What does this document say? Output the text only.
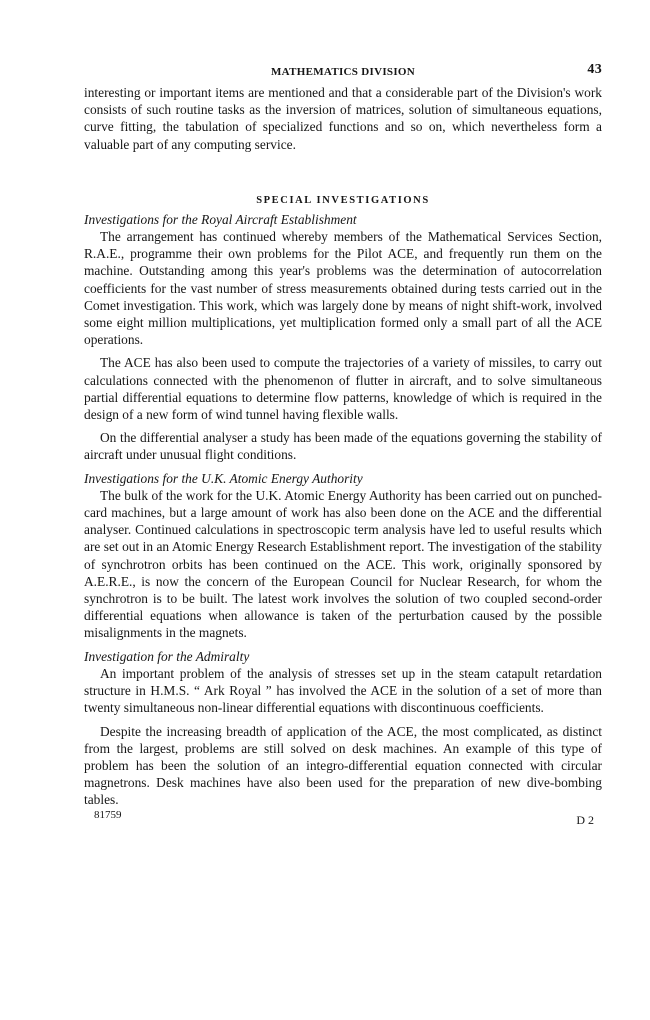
MATHEMATICS DIVISION	43

interesting or important items are mentioned and that a considerable part of the Division's work consists of such routine tasks as the inversion of matrices, solution of simultaneous equations, curve fitting, the tabulation of specialized functions and so on, which nevertheless form a valuable part of any computing service.

SPECIAL INVESTIGATIONS
Investigations for the Royal Aircraft Establishment

The arrangement has continued whereby members of the Mathematical Services Section, R.A.E., programme their own problems for the Pilot ACE, and frequently run them on the machine. Outstanding among this year's problems was the determination of autocorrelation coefficients for the vast number of stress measurements obtained during tests carried out in the Comet investigation. This work, which was largely done by means of night shift-work, involved some eight million multiplications, yet multiplication formed only a small part of all the ACE operations.

The ACE has also been used to compute the trajectories of a variety of missiles, to carry out calculations connected with the phenomenon of flutter in aircraft, and to solve simultaneous partial differential equations to determine flow patterns, knowledge of which is required in the design of a new form of wind tunnel having flexible walls.

On the differential analyser a study has been made of the equations governing the stability of aircraft under unusual flight conditions.

Investigations for the U.K. Atomic Energy Authority

The bulk of the work for the U.K. Atomic Energy Authority has been carried out on punched-card machines, but a large amount of work has also been done on the ACE and the differential analyser. Continued calculations in spectroscopic term analysis have led to useful results which are set out in an Atomic Energy Research Establishment report. The investigation of the stability of synchrotron orbits has been continued on the ACE. This work, originally sponsored by A.E.R.E., is now the concern of the European Council for Nuclear Research, for whom the synchrotron is to be built. The latest work involves the solution of two coupled second-order differential equations when allowance is taken of the perturbation caused by the possible misalignments in the magnets.

Investigation for the Admiralty

An important problem of the analysis of stresses set up in the steam catapult retardation structure in H.M.S. “ Ark Royal ” has involved the ACE in the solution of a set of more than twenty simultaneous non-linear differential equations with discontinuous coefficients.

Despite the increasing breadth of application of the ACE, the most complicated, as distinct from the largest, problems are still solved on desk machines. An example of this type of problem has been the solution of an integro-differential equation connected with circular magnetrons. Desk machines have also been used for the preparation of new dive-bombing tables.

81759	D 2
